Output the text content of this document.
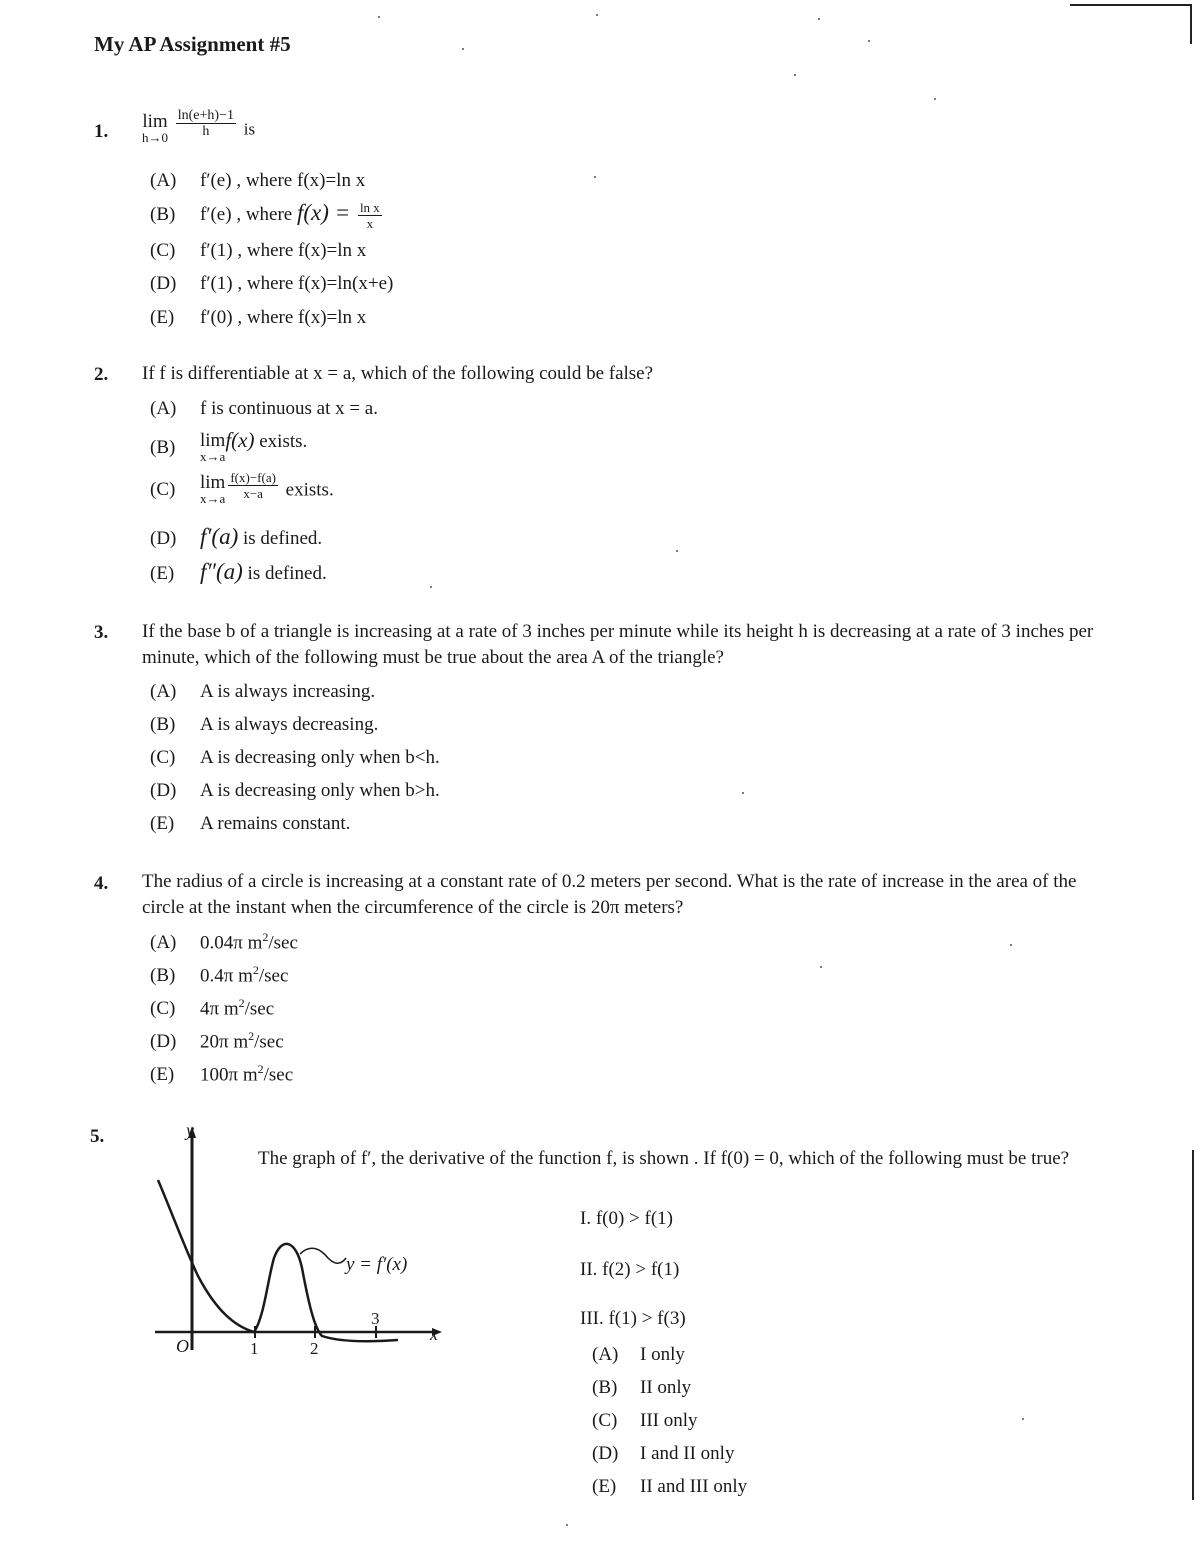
My AP Assignment #5
1. lim
h→0
$\frac{\ln(e+h)-1}{h}$ is
(A) f′(e) , where f(x)=ln x
(B) f′(e) , where $f(x) = \frac{\text{ln x}}{x}$
(C) f′(1) , where f(x)=ln x
(D) f′(1) , where f(x)=ln(x+e)
(E) f′(0) , where f(x)=ln x
2. If f is differentiable at x = a, which of the following could be false?
(A) f is continuous at x = a.
(B) lim
x→a
f(x) exists.
(C) lim
$x\to a \frac{f(x)-f(a)}{x-a}$ exists.
(D) f′(a) is defined.
(E) f″(a) is defined.
3. If the base b of a triangle is increasing at a rate of 3 inches per minute while its height h is decreasing at a rate of 3 inches per minute, which of the following must be true about the area A of the triangle?
(A) A is always increasing.
(B) A is always decreasing.
(C) A is decreasing only when b<h.
(D) A is decreasing only when b>h.
(E) A remains constant.
4. The radius of a circle is increasing at a constant rate of 0.2 meters per second. What is the rate of increase in the area of the circle at the instant when the circumference of the circle is 20π meters?
(A) 0.04π $m^2/\sec$
(B) 0.4π $m^2/\sec$
(C) 4π $m^2/\sec$
(D) 20π $m^2/\sec$
(E) 100π $m^2/\sec$
5.
The graph of f′, the derivative of the function f, is shown . If f(0) = 0, which of the following must be true?
y
x
O
y = f′(x)
1	2
3
I. f(0) > f(1)
II. f(2) > f(1)
III. f(1) > f(3)
(A) I only
(B) II only
(C) III only
(D) I and II only
(E) II and III only
